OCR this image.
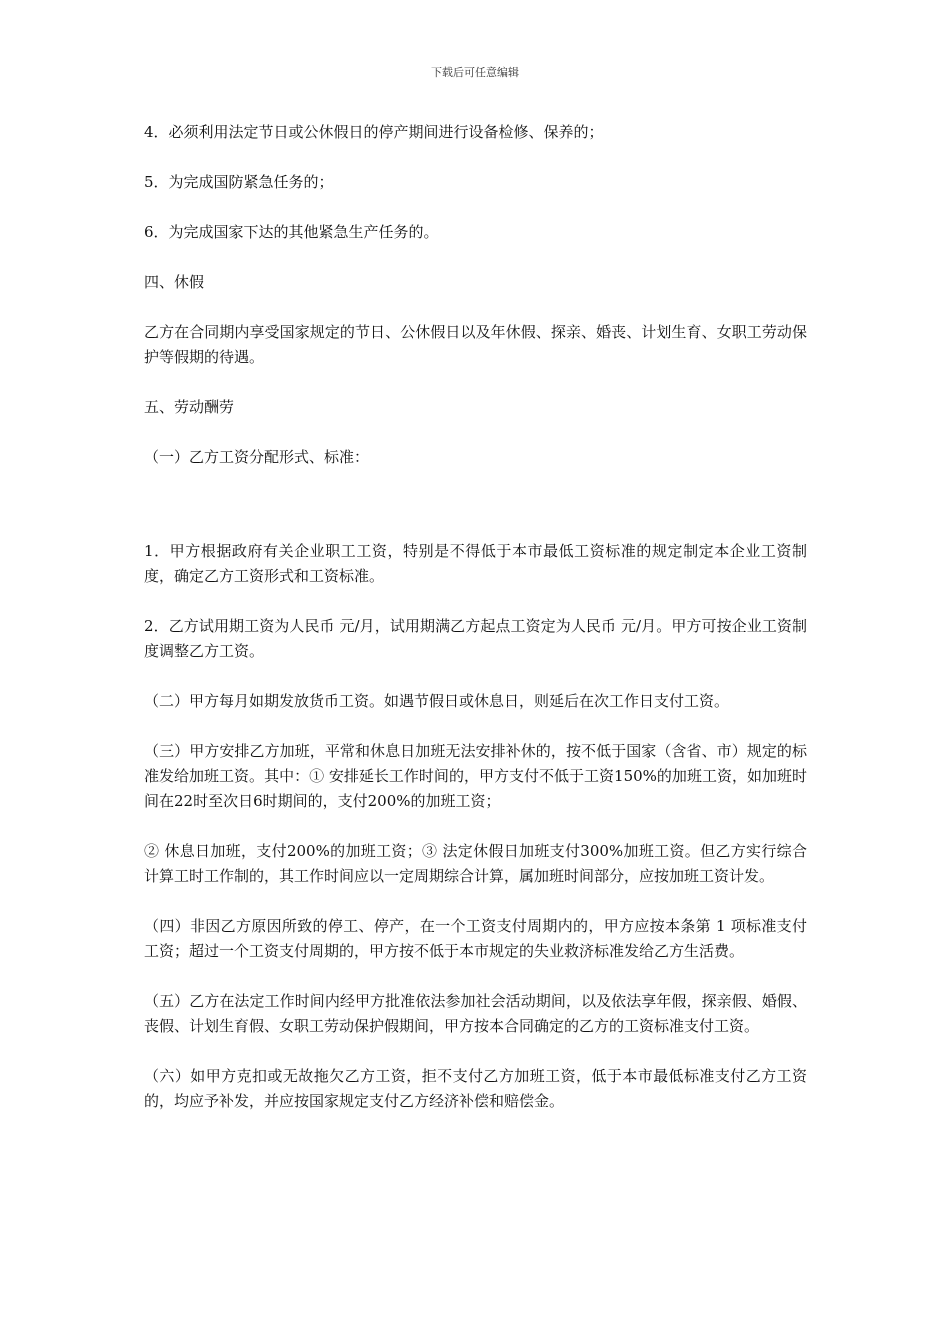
下载后可任意编辑

4．必须利用法定节日或公休假日的停产期间进行设备检修、保养的；

5．为完成国防紧急任务的；

6．为完成国家下达的其他紧急生产任务的。

四、休假

乙方在合同期内享受国家规定的节日、公休假日以及年休假、探亲、婚丧、计划生育、女职工劳动保护等假期的待遇。

五、劳动酬劳

（一）乙方工资分配形式、标准：

1．甲方根据政府有关企业职工工资，特别是不得低于本市最低工资标准的规定制定本企业工资制度，确定乙方工资形式和工资标准。

2．乙方试用期工资为人民币 元/月，试用期满乙方起点工资定为人民币 元/月。甲方可按企业工资制度调整乙方工资。

（二）甲方每月如期发放货币工资。如遇节假日或休息日，则延后在次工作日支付工资。

（三）甲方安排乙方加班，平常和休息日加班无法安排补休的，按不低于国家（含省、市）规定的标准发给加班工资。其中：① 安排延长工作时间的，甲方支付不低于工资150%的加班工资，如加班时间在22时至次日6时期间的，支付200%的加班工资；

② 休息日加班，支付200%的加班工资；③ 法定休假日加班支付300%加班工资。但乙方实行综合计算工时工作制的，其工作时间应以一定周期综合计算，属加班时间部分，应按加班工资计发。

（四）非因乙方原因所致的停工、停产，在一个工资支付周期内的，甲方应按本条第 1 项标准支付工资；超过一个工资支付周期的，甲方按不低于本市规定的失业救济标准发给乙方生活费。

（五）乙方在法定工作时间内经甲方批准依法参加社会活动期间，以及依法享年假，探亲假、婚假、丧假、计划生育假、女职工劳动保护假期间，甲方按本合同确定的乙方的工资标准支付工资。

（六）如甲方克扣或无故拖欠乙方工资，拒不支付乙方加班工资，低于本市最低标准支付乙方工资的，均应予补发，并应按国家规定支付乙方经济补偿和赔偿金。
